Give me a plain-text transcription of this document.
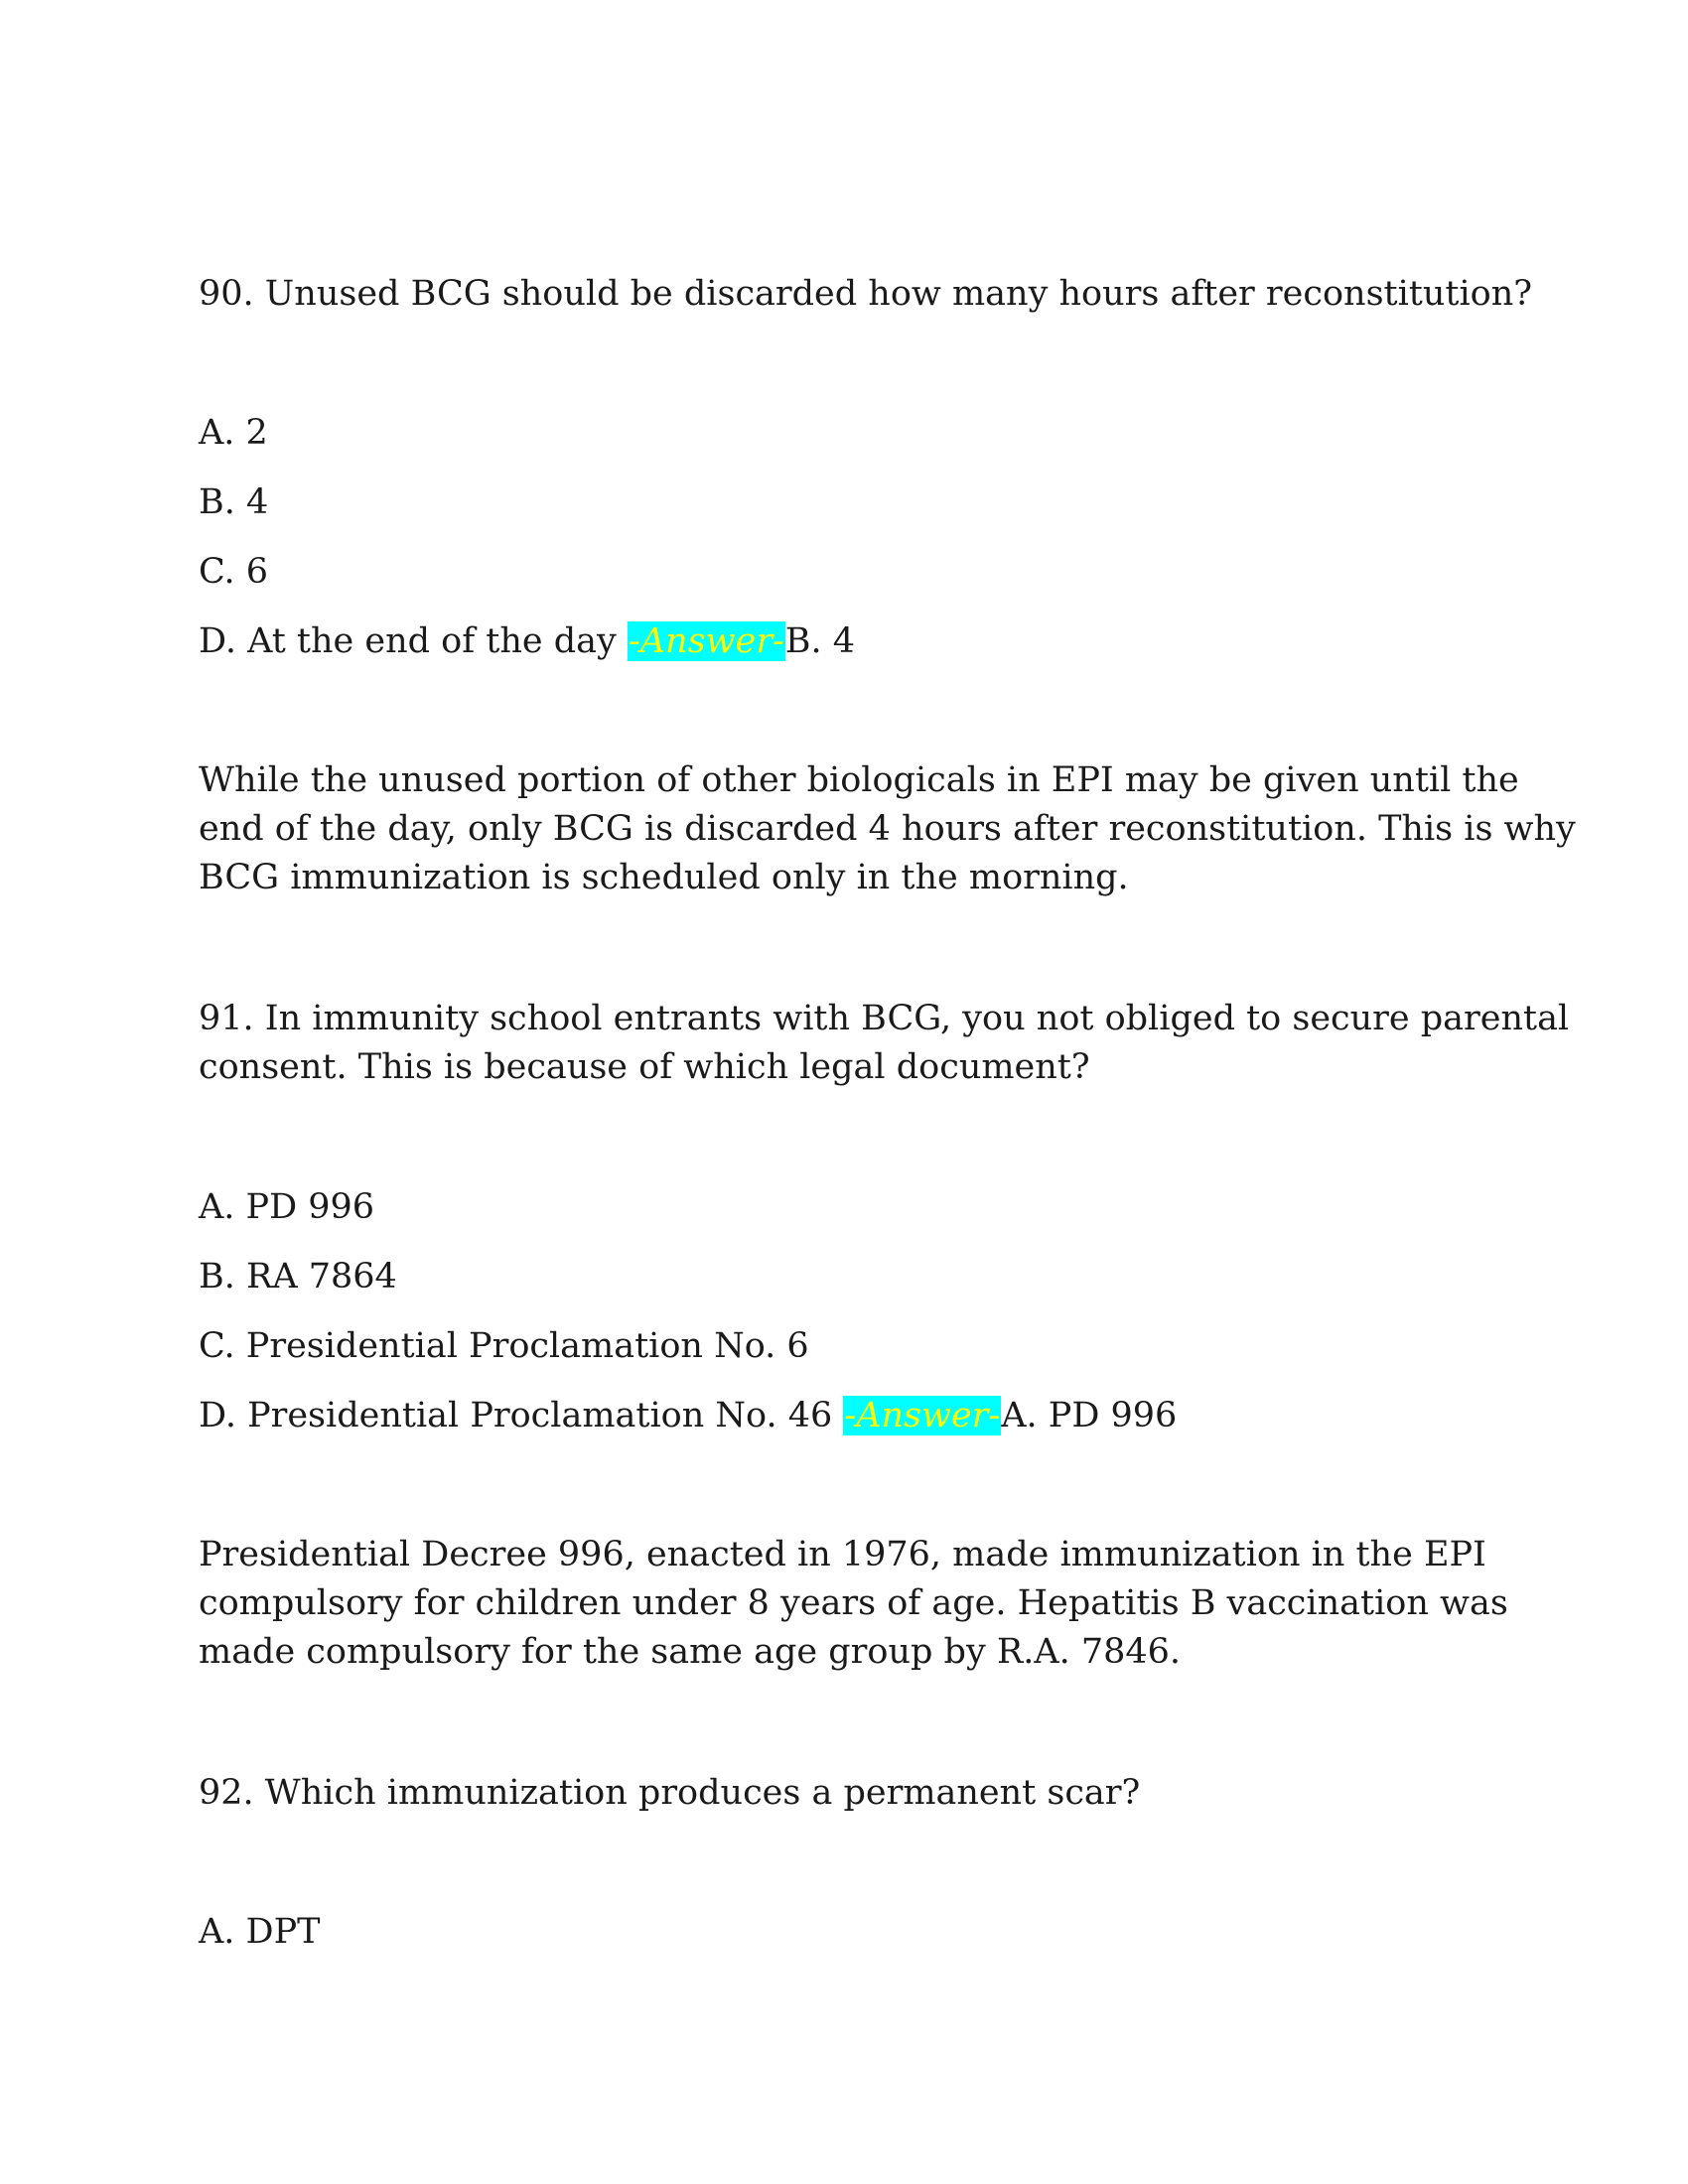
90. Unused BCG should be discarded how many hours after reconstitution?
A. 2
B. 4
C. 6
D. At the end of the day -Answer-B. 4

While the unused portion of other biologicals in EPI may be given until the

end of the day, only BCG is discarded 4 hours after reconstitution. This is why

BCG immunization is scheduled only in the morning.

91. In immunity school entrants with BCG, you not obliged to secure parental

consent. This is because of which legal document?

A. PD 996
B. RA 7864
C. Presidential Proclamation No. 6
D. Presidential Proclamation No. 46 -Answer-A. PD 996

Presidential Decree 996, enacted in 1976, made immunization in the EPI

compulsory for children under 8 years of age. Hepatitis B vaccination was

made compulsory for the same age group by R.A. 7846.

92. Which immunization produces a permanent scar?
A. DPT
